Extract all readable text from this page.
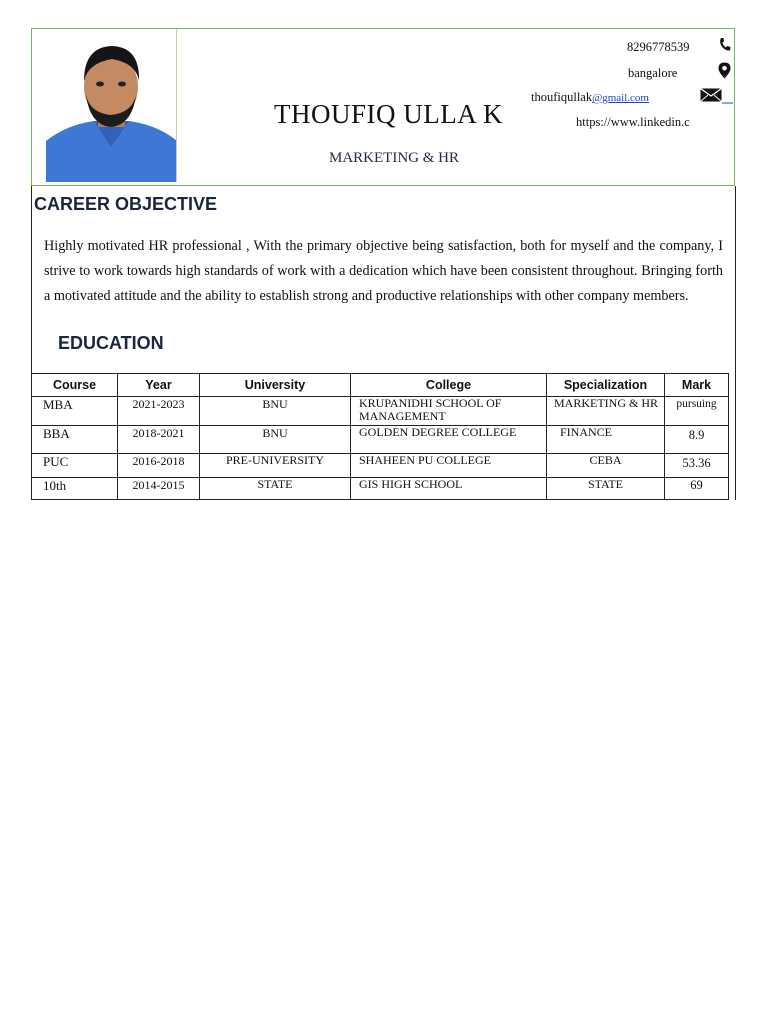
THOUFIQ ULLA K
MARKETING & HR
8296778539
bangalore
thoufiqullak@gmail.com
https://www.linkedin.c
CAREER OBJECTIVE
Highly motivated HR professional , With the primary objective being satisfaction, both for myself and the company, I strive to work towards high standards of work with a dedication which have been consistent throughout. Bringing forth a motivated attitude and the ability to establish strong and productive relationships with other company members.
EDUCATION
Course	Year	University	College	Specialization	Mark
MBA	2021-2023	BNU	KRUPANIDHI SCHOOL OF MANAGEMENT	MARKETING & HR	pursuing
BBA	2018-2021	BNU	GOLDEN DEGREE COLLEGE	FINANCE	8.9
PUC	2016-2018	PRE-UNIVERSITY	SHAHEEN PU COLLEGE	CEBA	53.36
10th	2014-2015	STATE	GIS HIGH SCHOOL	STATE	69
